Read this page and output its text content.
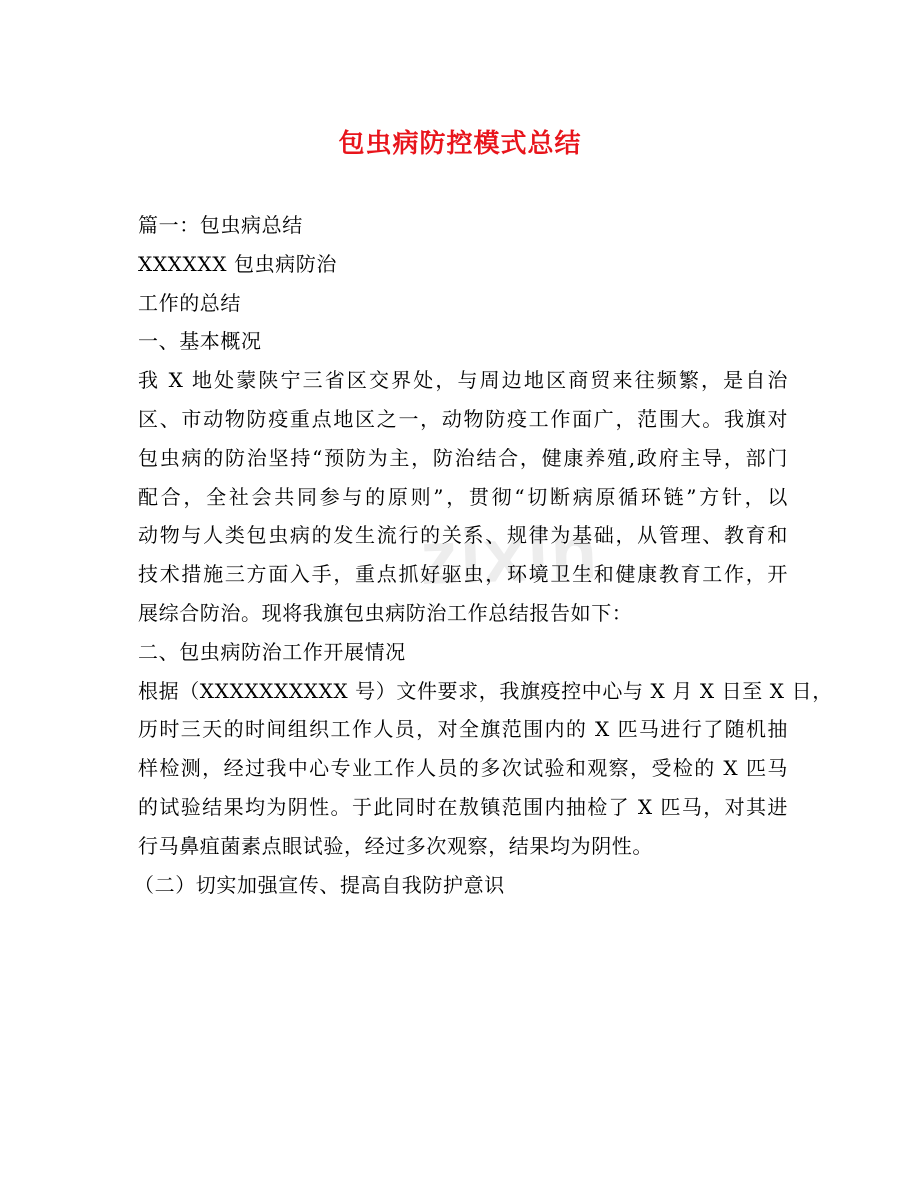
包虫病防控模式总结
zixin
篇一：包虫病总结
XXXXXX 包虫病防治
工作的总结
一、基本概况
我 X 地处蒙陕宁三省区交界处，与周边地区商贸来往频繁，是自治
区、市动物防疫重点地区之一，动物防疫工作面广，范围大。我旗对
包虫病的防治坚持“预防为主，防治结合，健康养殖,政府主导，部门
配合，全社会共同参与的原则”，贯彻“切断病原循环链”方针，以
动物与人类包虫病的发生流行的关系、规律为基础，从管理、教育和
技术措施三方面入手，重点抓好驱虫，环境卫生和健康教育工作，开
展综合防治。现将我旗包虫病防治工作总结报告如下：
二、包虫病防治工作开展情况
根据（XXXXXXXXXX 号）文件要求，我旗疫控中心与 X 月 X 日至 X 日，
历时三天的时间组织工作人员，对全旗范围内的 X 匹马进行了随机抽
样检测，经过我中心专业工作人员的多次试验和观察，受检的 X 匹马
的试验结果均为阴性。于此同时在敖镇范围内抽检了 X 匹马，对其进
行马鼻疽菌素点眼试验，经过多次观察，结果均为阴性。
（二）切实加强宣传、提高自我防护意识
